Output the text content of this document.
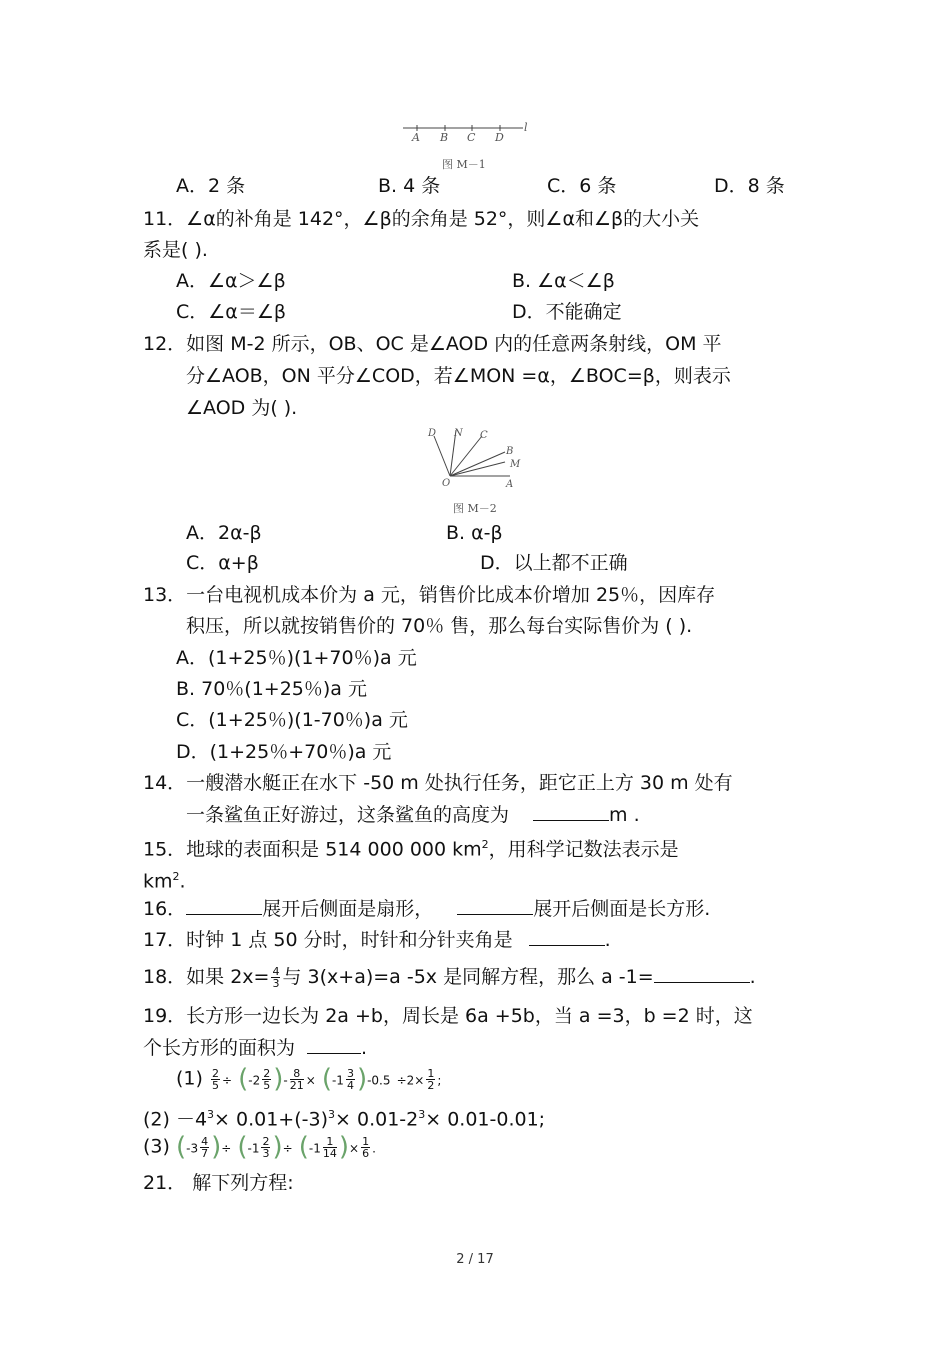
A B C D
l
图 M－1
A．2 条	B. 4 条	C．6 条	D．8 条
11．∠α的补角是 142°，∠β的余角是 52°，则∠α和∠β的大小关
系是( ).
A．∠α＞∠β	B. ∠α＜∠β
C．∠α＝∠β	D．不能确定
12．如图 M-2 所示，OB、OC 是∠AOD 内的任意两条射线，OM 平
分∠AOB，ON 平分∠COD，若∠MON =α，∠BOC=β，则表示
∠AOD 为( ).
D N C
B
M
O	A
图 M－2
A．2α-β	B. α-β
C．α+β	D．以上都不正确
13．一台电视机成本价为 a 元，销售价比成本价增加 25％，因库存
积压，所以就按销售价的 70％ 售，那么每台实际售价为 ( ).
A．(1+25％)(1+70％)a 元
B. 70％(1+25％)a 元
C．(1+25％)(1-70％)a 元
D．(1+25％+70％)a 元
14．一艘潜水艇正在水下 -50 m 处执行任务，距它正上方 30 m 处有
一条鲨鱼正好游过，这条鲨鱼的高度为	m .
15．地球的表面积是 514 000 000 $km^2$，用科学记数法表示是
$km^2$.
16．	展开后侧面是扇形，	展开后侧面是长方形.
17．时钟 1 点 50 分时，时针和分针夹角是	.
18．如果 $2x= \frac{4}{3}$ 与 3(x+a)=a -5x 是同解方程，那么 a -1=	.
19．长方形一边长为 2a +b，周长是 6a +5b，当 a =3，b =2 时，这
个长方形的面积为	.
$(1) \frac{2}{5} \div (-2 \frac{2}{5}$ )- $\frac{8}{21} \times (-1 \frac{3}{4} )-0.5 \div 2\times \frac{1}{2}$ ;
$(2) -4^3\times 0.01+(-3)^3\times 0.01-2^3\times 0.01-0.01$;
(3) ($-3 \frac{4}{7}$ )÷ ($-1 \frac{2}{3}$ )÷ ($-1 \frac{1}{14}$ )× $\frac{1}{6}$ .
21． 解下列方程:
2 / 17
